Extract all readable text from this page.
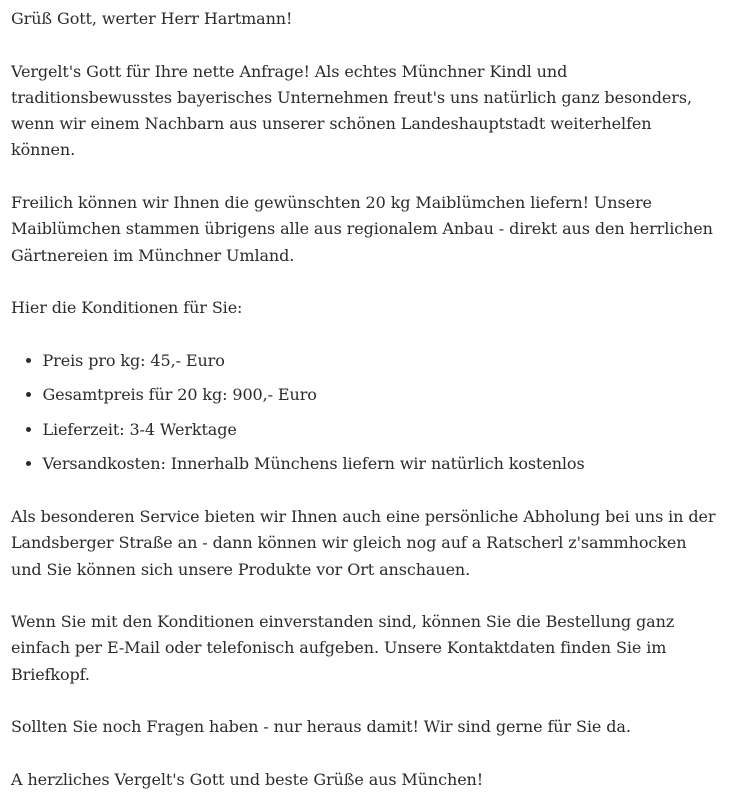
Grüß Gott, werter Herr Hartmann!

Vergelt's Gott für Ihre nette Anfrage! Als echtes Münchner Kindl und traditionsbewusstes bayerisches Unternehmen freut's uns natürlich ganz besonders, wenn wir einem Nachbarn aus unserer schönen Landeshauptstadt weiterhelfen können.

Freilich können wir Ihnen die gewünschten 20 kg Maiblümchen liefern! Unsere Maiblümchen stammen übrigens alle aus regionalem Anbau - direkt aus den herrlichen Gärtnereien im Münchner Umland.

Hier die Konditionen für Sie:

• Preis pro kg: 45,- Euro
• Gesamtpreis für 20 kg: 900,- Euro
• Lieferzeit: 3-4 Werktage
• Versandkosten: Innerhalb Münchens liefern wir natürlich kostenlos

Als besonderen Service bieten wir Ihnen auch eine persönliche Abholung bei uns in der Landsberger Straße an - dann können wir gleich nog auf a Ratscherl z'sammhocken und Sie können sich unsere Produkte vor Ort anschauen.

Wenn Sie mit den Konditionen einverstanden sind, können Sie die Bestellung ganz einfach per E-Mail oder telefonisch aufgeben. Unsere Kontaktdaten finden Sie im Briefkopf.

Sollten Sie noch Fragen haben - nur heraus damit! Wir sind gerne für Sie da.

A herzliches Vergelt's Gott und beste Grüße aus München!
